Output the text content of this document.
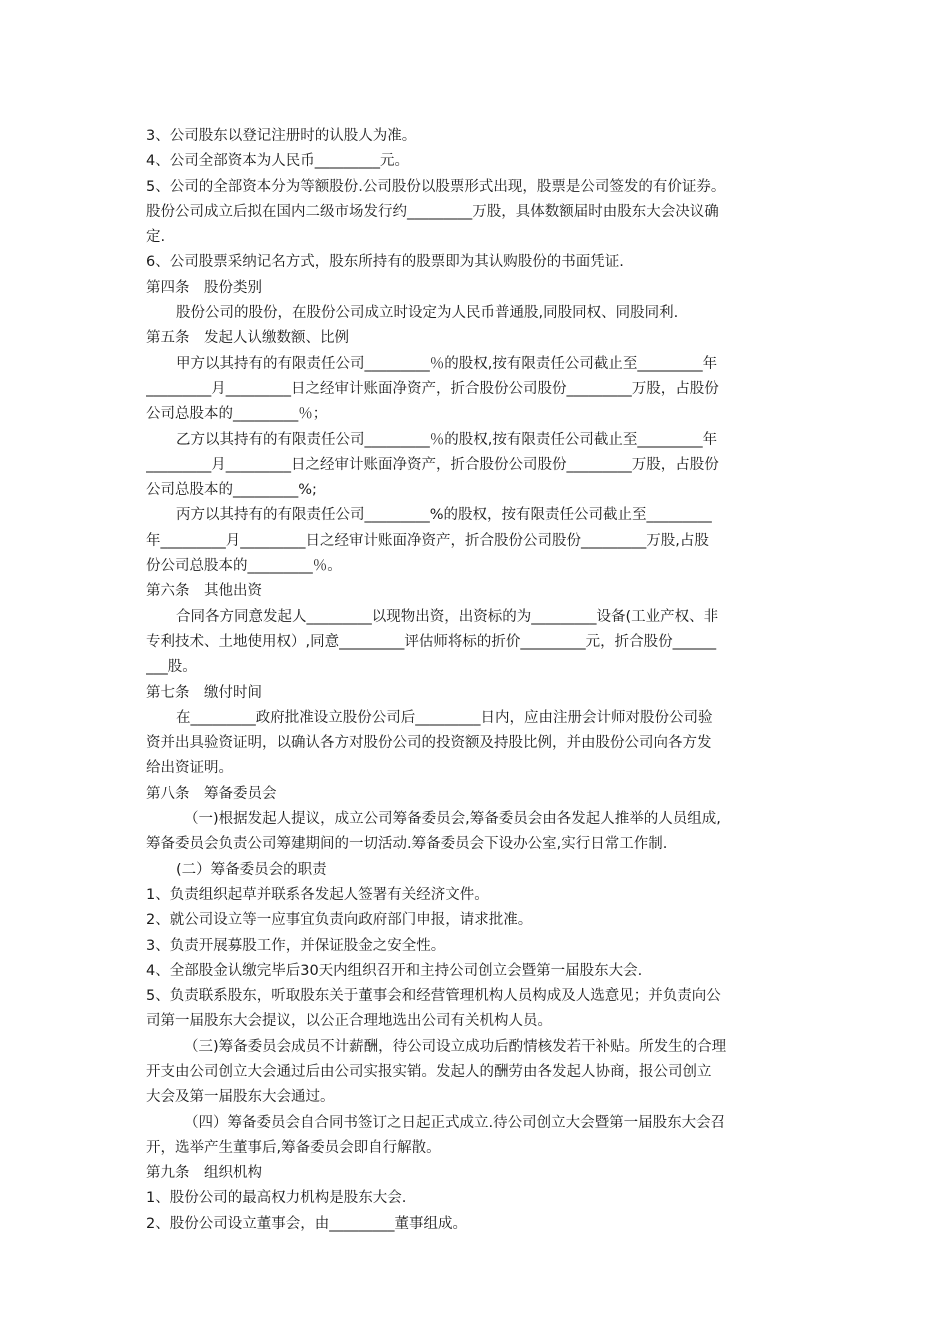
3、公司股东以登记注册时的认股人为准。
4、公司全部资本为人民币_________元。
5、公司的全部资本分为等额股份.公司股份以股票形式出现，股票是公司签发的有价证券。
股份公司成立后拟在国内二级市场发行约_________万股，具体数额届时由股东大会决议确
定.
6、公司股票采纳记名方式，股东所持有的股票即为其认购股份的书面凭证.
第四条　股份类别
股份公司的股份，在股份公司成立时设定为人民币普通股,同股同权、同股同利.
第五条　发起人认缴数额、比例
甲方以其持有的有限责任公司_________％的股权,按有限责任公司截止至_________年
_________月_________日之经审计账面净资产，折合股份公司股份_________万股，占股份
公司总股本的_________％；
乙方以其持有的有限责任公司_________％的股权,按有限责任公司截止至_________年
_________月_________日之经审计账面净资产，折合股份公司股份_________万股，占股份
公司总股本的_________%;
丙方以其持有的有限责任公司_________%的股权，按有限责任公司截止至_________
年_________月_________日之经审计账面净资产，折合股份公司股份_________万股,占股
份公司总股本的_________％。
第六条　其他出资
合同各方同意发起人_________以现物出资，出资标的为_________设备(工业产权、非
专利技术、土地使用权）,同意_________评估师将标的折价_________元，折合股份______
___股。
第七条　缴付时间
在_________政府批准设立股份公司后_________日内，应由注册会计师对股份公司验
资并出具验资证明，以确认各方对股份公司的投资额及持股比例，并由股份公司向各方发
给出资证明。
第八条　筹备委员会
（一)根据发起人提议，成立公司筹备委员会,筹备委员会由各发起人推举的人员组成,
筹备委员会负责公司筹建期间的一切活动.筹备委员会下设办公室,实行日常工作制.
(二）筹备委员会的职责
1、负责组织起草并联系各发起人签署有关经济文件。
2、就公司设立等一应事宜负责向政府部门申报，请求批准。
3、负责开展募股工作，并保证股金之安全性。
4、全部股金认缴完毕后30天内组织召开和主持公司创立会暨第一届股东大会.
5、负责联系股东，听取股东关于董事会和经营管理机构人员构成及人选意见；并负责向公
司第一届股东大会提议，以公正合理地选出公司有关机构人员。
（三)筹备委员会成员不计薪酬，待公司设立成功后酌情核发若干补贴。所发生的合理
开支由公司创立大会通过后由公司实报实销。发起人的酬劳由各发起人协商，报公司创立
大会及第一届股东大会通过。
（四）筹备委员会自合同书签订之日起正式成立.待公司创立大会暨第一届股东大会召
开，选举产生董事后,筹备委员会即自行解散。
第九条　组织机构
1、股份公司的最高权力机构是股东大会.
2、股份公司设立董事会，由_________董事组成。
